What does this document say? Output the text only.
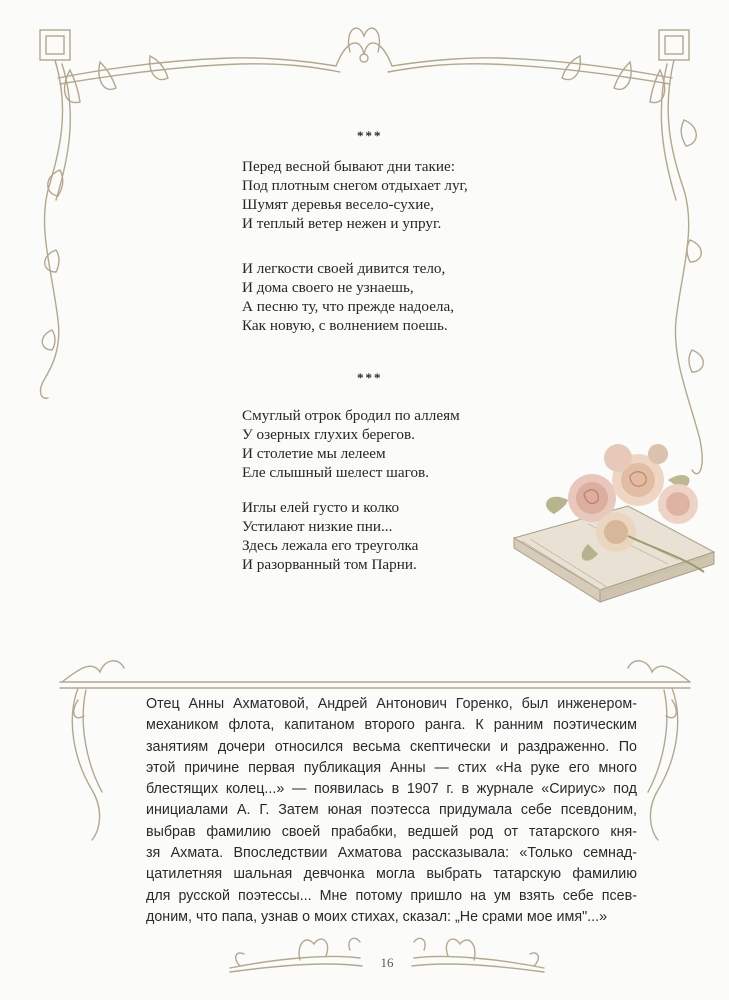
***
Перед весной бывают дни такие:
Под плотным снегом отдыхает луг,
Шумят деревья весело-сухие,
И теплый ветер нежен и упруг.
И легкости своей дивится тело,
И дома своего не узнаешь,
А песню ту, что прежде надоела,
Как новую, с волнением поешь.
***
Смуглый отрок бродил по аллеям
У озерных глухих берегов.
И столетие мы лелеем
Еле слышный шелест шагов.
Иглы елей густо и колко
Устилают низкие пни...
Здесь лежала его треуголка
И разорванный том Парни.
Отец Анны Ахматовой, Андрей Антонович Горенко, был инженером-
механиком флота, капитаном второго ранга. К ранним поэтическим
занятиям дочери относился весьма скептически и раздраженно. По
этой причине первая публикация Анны — стих «На руке его много
блестящих колец...» — появилась в 1907 г. в журнале «Сириус» под
инициалами А. Г. Затем юная поэтесса придумала себе псевдоним,
выбрав фамилию своей прабабки, ведшей род от татарского кня-
зя Ахмата. Впоследствии Ахматова рассказывала: «Только семнад-
цатилетняя шальная девчонка могла выбрать татарскую фамилию
для русской поэтессы... Мне потому пришло на ум взять себе псев-
доним, что папа, узнав о моих стихах, сказал: „Не срами мое имя"...»
16
